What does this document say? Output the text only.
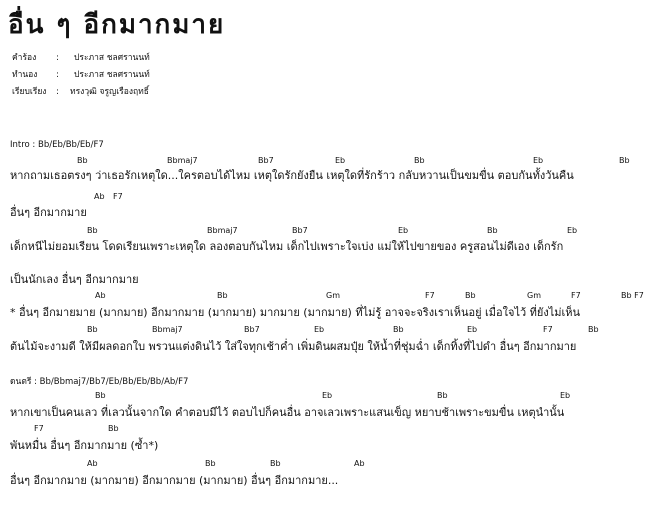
อื่น ๆ อีกมากมาย
คำร้อง	:	ประภาส ชลศรานนท์
ทำนอง	:	ประภาส ชลศรานนท์
เรียบเรียง	:	ทรงวุฒิ จรูญเรืองฤทธิ์
Intro : Bb/Eb/Bb/Eb/F7
Bb	Bbmaj7	Bb7	Eb	Bb	Eb	Bb
หากถามเธอตรงๆ ว่าเธอรักเหตุใด...ใครตอบได้ไหม เหตุใดรักยังยืน เหตุใดที่รักร้าว กลับหวานเป็นขมขื่น ตอบกันทั้งวันคืน
Ab F7
อื่นๆ อีกมากมาย
Bb	Bbmaj7	Bb7	Eb	Bb	Eb
เด็กหนีไม่ยอมเรียน โดดเรียนเพราะเหตุใด ลองตอบกันไหม เด็กไปเพราะใจเบ่ง แม่ให้ไปขายของ ครูสอนไม่ดีเอง เด็กรัก
เป็นนักเลง อื่นๆ อีกมากมาย
Ab	Bb	Gm	F7	Bb	Gm	F7	Bb F7
* อื่นๆ อีกมายมาย (มากมาย) อีกมากมาย (มากมาย) มากมาย (มากมาย) ที่ไม่รู้ อาจจะจริงเราเห็นอยู่ เมื่อใจไว้ ที่ยังไม่เห็น
Bb	Bbmaj7	Bb7	Eb	Bb	Eb	F7	Bb
ต้นไม้จะงามดี ให้มีผลดอกใบ พรวนแต่งดินไว้ ใส่ใจทุกเช้าค่ำ เพิ่มดินผสมปุ๋ย ให้น้ำที่ชุ่มฉ่ำ เด็กทิ้งที่ไปดำ อื่นๆ อีกมากมาย
ดนตรี : Bb/Bbmaj7/Bb7/Eb/Bb/Eb/Bb/Ab/F7
Bb	Eb	Bb	Eb
หากเขาเป็นคนเลว ที่เลวนั้นจากใด คำตอบมีไว้ ตอบไปก็คนอื่น อาจเลวเพราะแสนเข็ญ หยาบช้าเพราะขมขื่น เหตุนำนั้น
F7	Bb
พันหมื่น อื่นๆ อีกมากมาย (ซ้ำ*)
Ab	Bb	Bb	Ab
อื่นๆ อีกมากมาย (มากมาย) อีกมากมาย (มากมาย) อื่นๆ อีกมากมาย...
